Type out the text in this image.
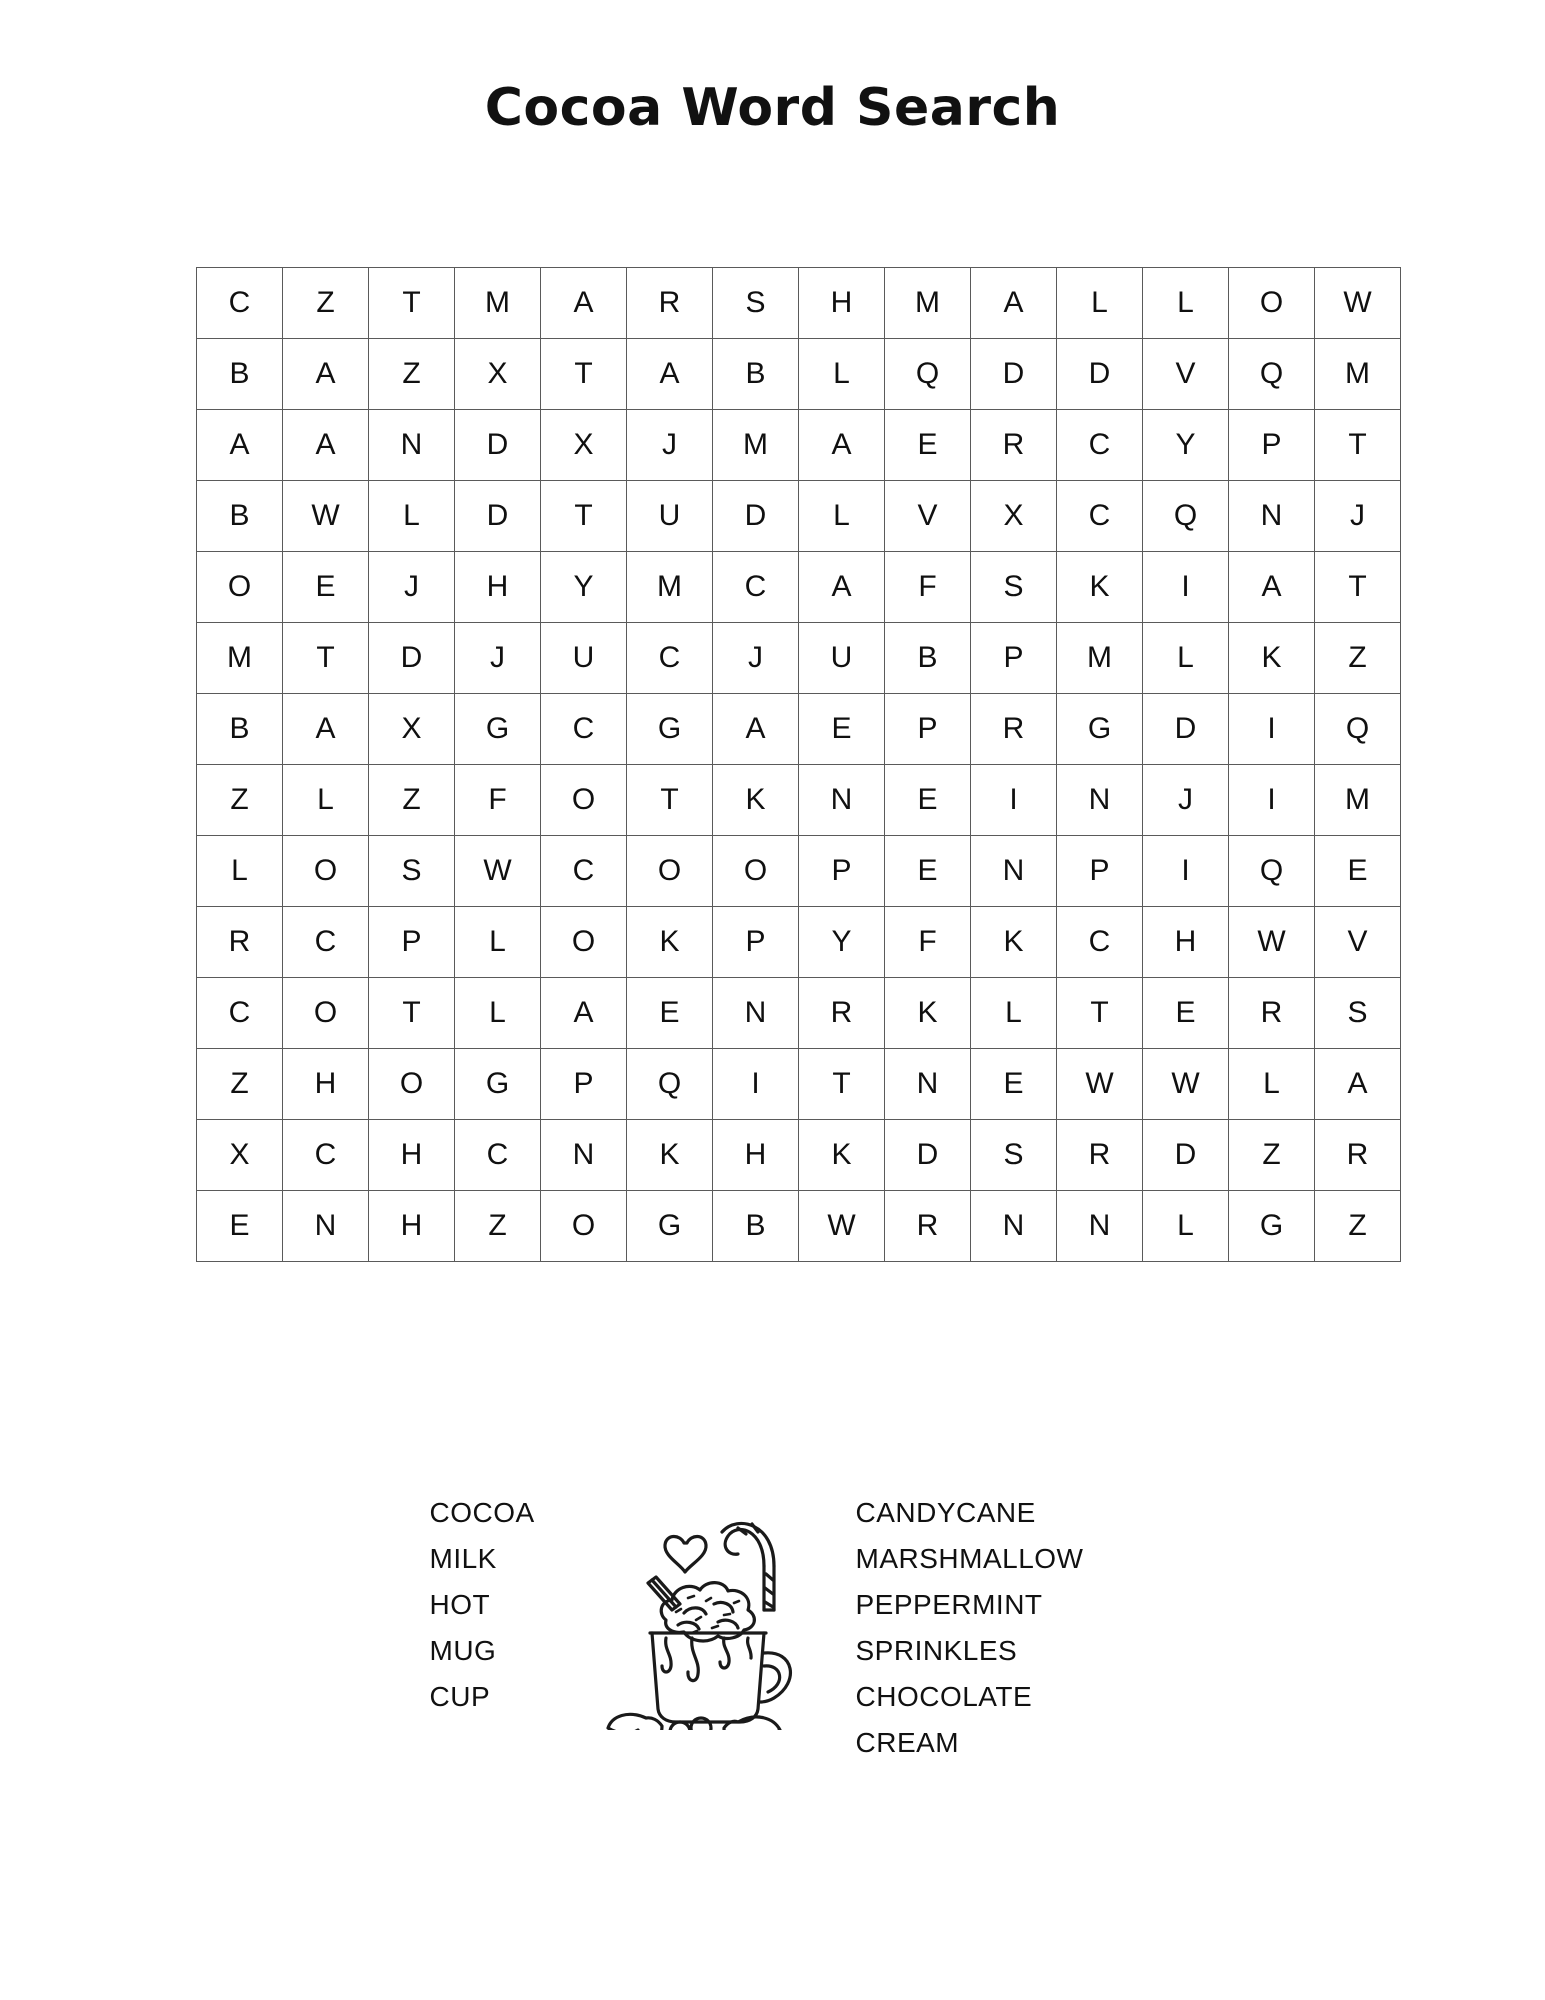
Cocoa Word Search
C	Z	T	M	A	R	S	H	M	A	L	L	O	W
B	A	Z	X	T	A	B	L	Q	D	D	V	Q	M
A	A	N	D	X	J	M	A	E	R	C	Y	P	T
B	W	L	D	T	U	D	L	V	X	C	Q	N	J
O	E	J	H	Y	M	C	A	F	S	K	I	A	T
M	T	D	J	U	C	J	U	B	P	M	L	K	Z
B	A	X	G	C	G	A	E	P	R	G	D	I	Q
Z	L	Z	F	O	T	K	N	E	I	N	J	I	M
L	O	S	W	C	O	O	P	E	N	P	I	Q	E
R	C	P	L	O	K	P	Y	F	K	C	H	W	V
C	O	T	L	A	E	N	R	K	L	T	E	R	S
Z	H	O	G	P	Q	I	T	N	E	W	W	L	A
X	C	H	C	N	K	H	K	D	S	R	D	Z	R
E	N	H	Z	O	G	B	W	R	N	N	L	G	Z
COCOA
MILK
HOT
MUG
CUP
CANDYCANE
MARSHMALLOW
PEPPERMINT
SPRINKLES
CHOCOLATE
CREAM
